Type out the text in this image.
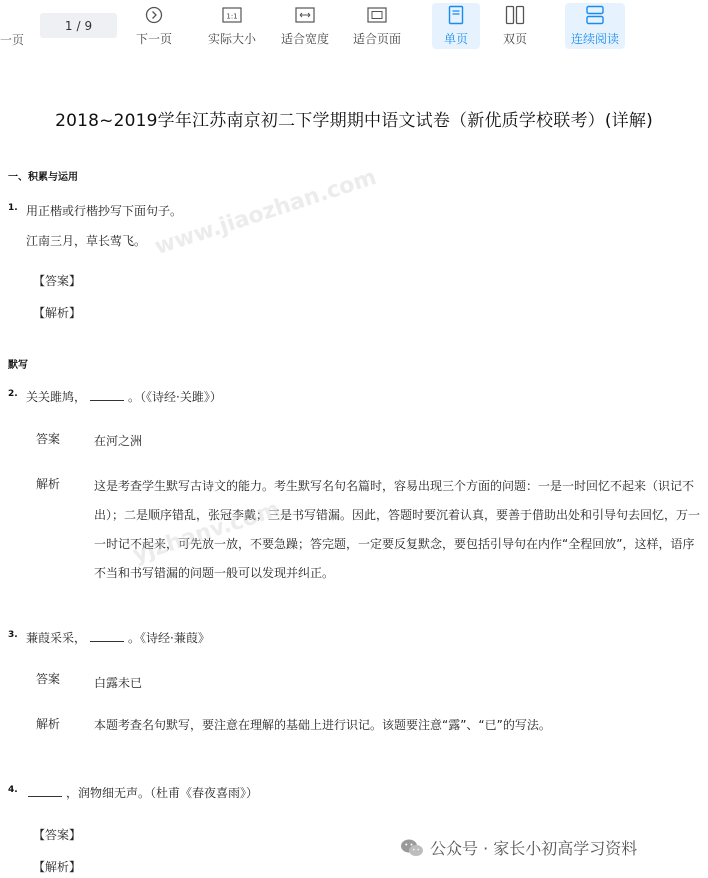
一页
1 / 9
下一页
1:1
实际大小 适合宽度 适合页面	单页	双页	连续阅读
2018~2019学年江苏南京初二下学期期中语文试卷（新优质学校联考）(详解)
一、积累与运用
1. 用正楷或行楷抄写下面句子。
江南三月，草长莺飞。
【答案】
【解析】
默写
2. 关关雎鸠，	。（《诗经·关雎》）
答案	在河之洲
解析	这是考查学生默写古诗文的能力。考生默写名句名篇时，容易出现三个方面的问题：一是一时回忆不起来（识记不出）；二是顺序错乱，张冠李戴；三是书写错漏。因此，答题时要沉着认真，要善于借助出处和引导句去回忆，万一一时记不起来，可先放一放，不要急躁；答完题，一定要反复默念，要包括引导句在内作“全程回放”，这样，语序不当和书写错漏的问题一般可以发现并纠正。
3. 蒹葭采采，	。《诗经·蒹葭》
答案	白露未已
解析	本题考查名句默写，要注意在理解的基础上进行识记。该题要注意“露”、“已”的写法。
4.	，润物细无声。（杜甫《春夜喜雨》）
【答案】
【解析】
www.jiaozhan.com
yjzhanv.com
公众号 · 家长小初高学习资料
